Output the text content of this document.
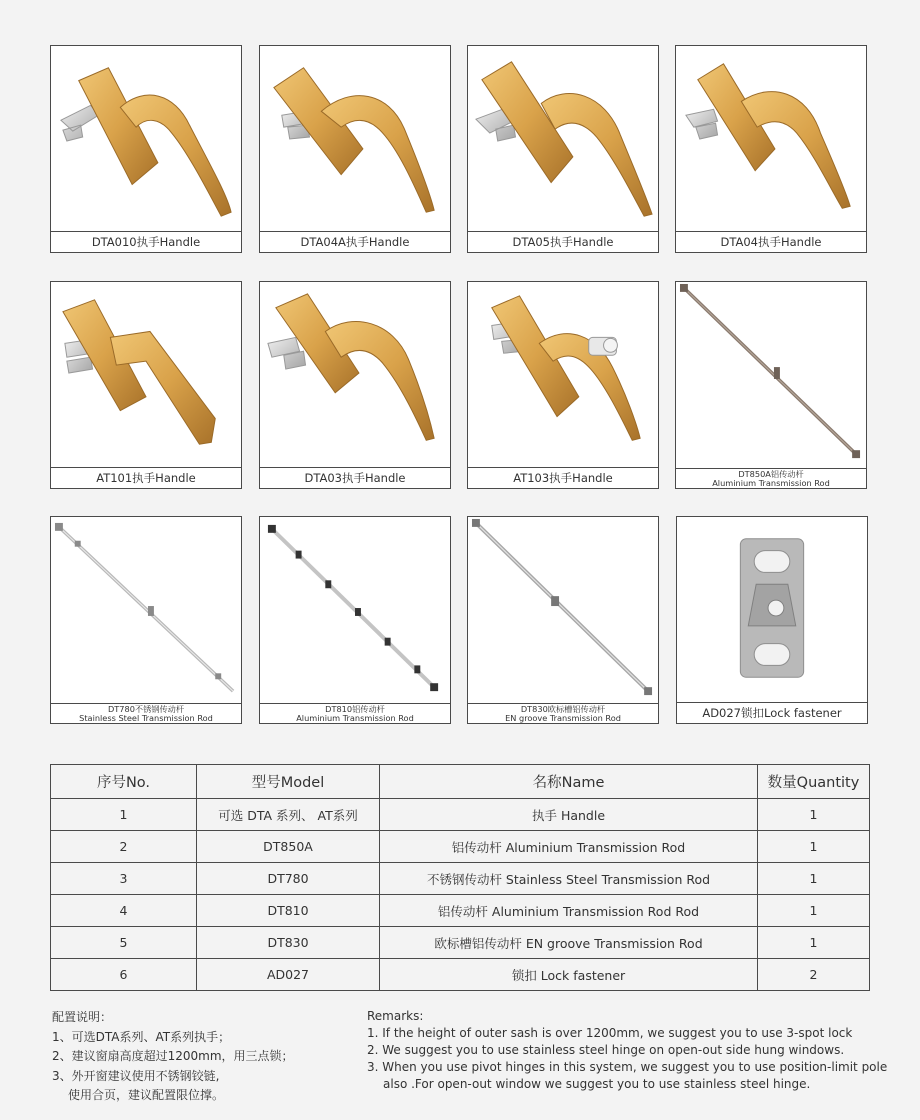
DTA010执手Handle	DTA04A执手Handle	DTA05执手Handle	DTA04执手Handle
AT101执手Handle	DTA03执手Handle	AT103执手Handle	DT850A铝传动杆
Aluminium Transmission Rod
DT780不锈钢传动杆
Stainless Steel Transmission Rod
DT810铝传动杆
Aluminium Transmission Rod
DT830欧标槽铝传动杆
EN groove Transmission Rod	AD027锁扣Lock fastener
序号No.	型号Model	名称Name	数量Quantity
1	可选 DTA 系列、 AT系列	执手 Handle	1
2	DT850A	铝传动杆 Aluminium Transmission Rod	1
3	DT780	不锈钢传动杆 Stainless Steel Transmission Rod	1
4	DT810	铝传动杆 Aluminium Transmission Rod Rod	1
5	DT830	欧标槽铝传动杆 EN groove Transmission Rod	1
6	AD027	锁扣 Lock fastener	2
配置说明：
1、可选DTA系列、AT系列执手；
2、建议窗扇高度超过1200mm，用三点锁；
3、外开窗建议使用不锈钢铰链,
使用合页，建议配置限位撑。
Remarks:
1. If the height of outer sash is over 1200mm, we suggest you to use 3-spot lock
2. We suggest you to use stainless steel hinge on open-out side hung windows.
3. When you use pivot hinges in this system, we suggest you to use position-limit pole
also .For open-out window we suggest you to use stainless steel hinge.
